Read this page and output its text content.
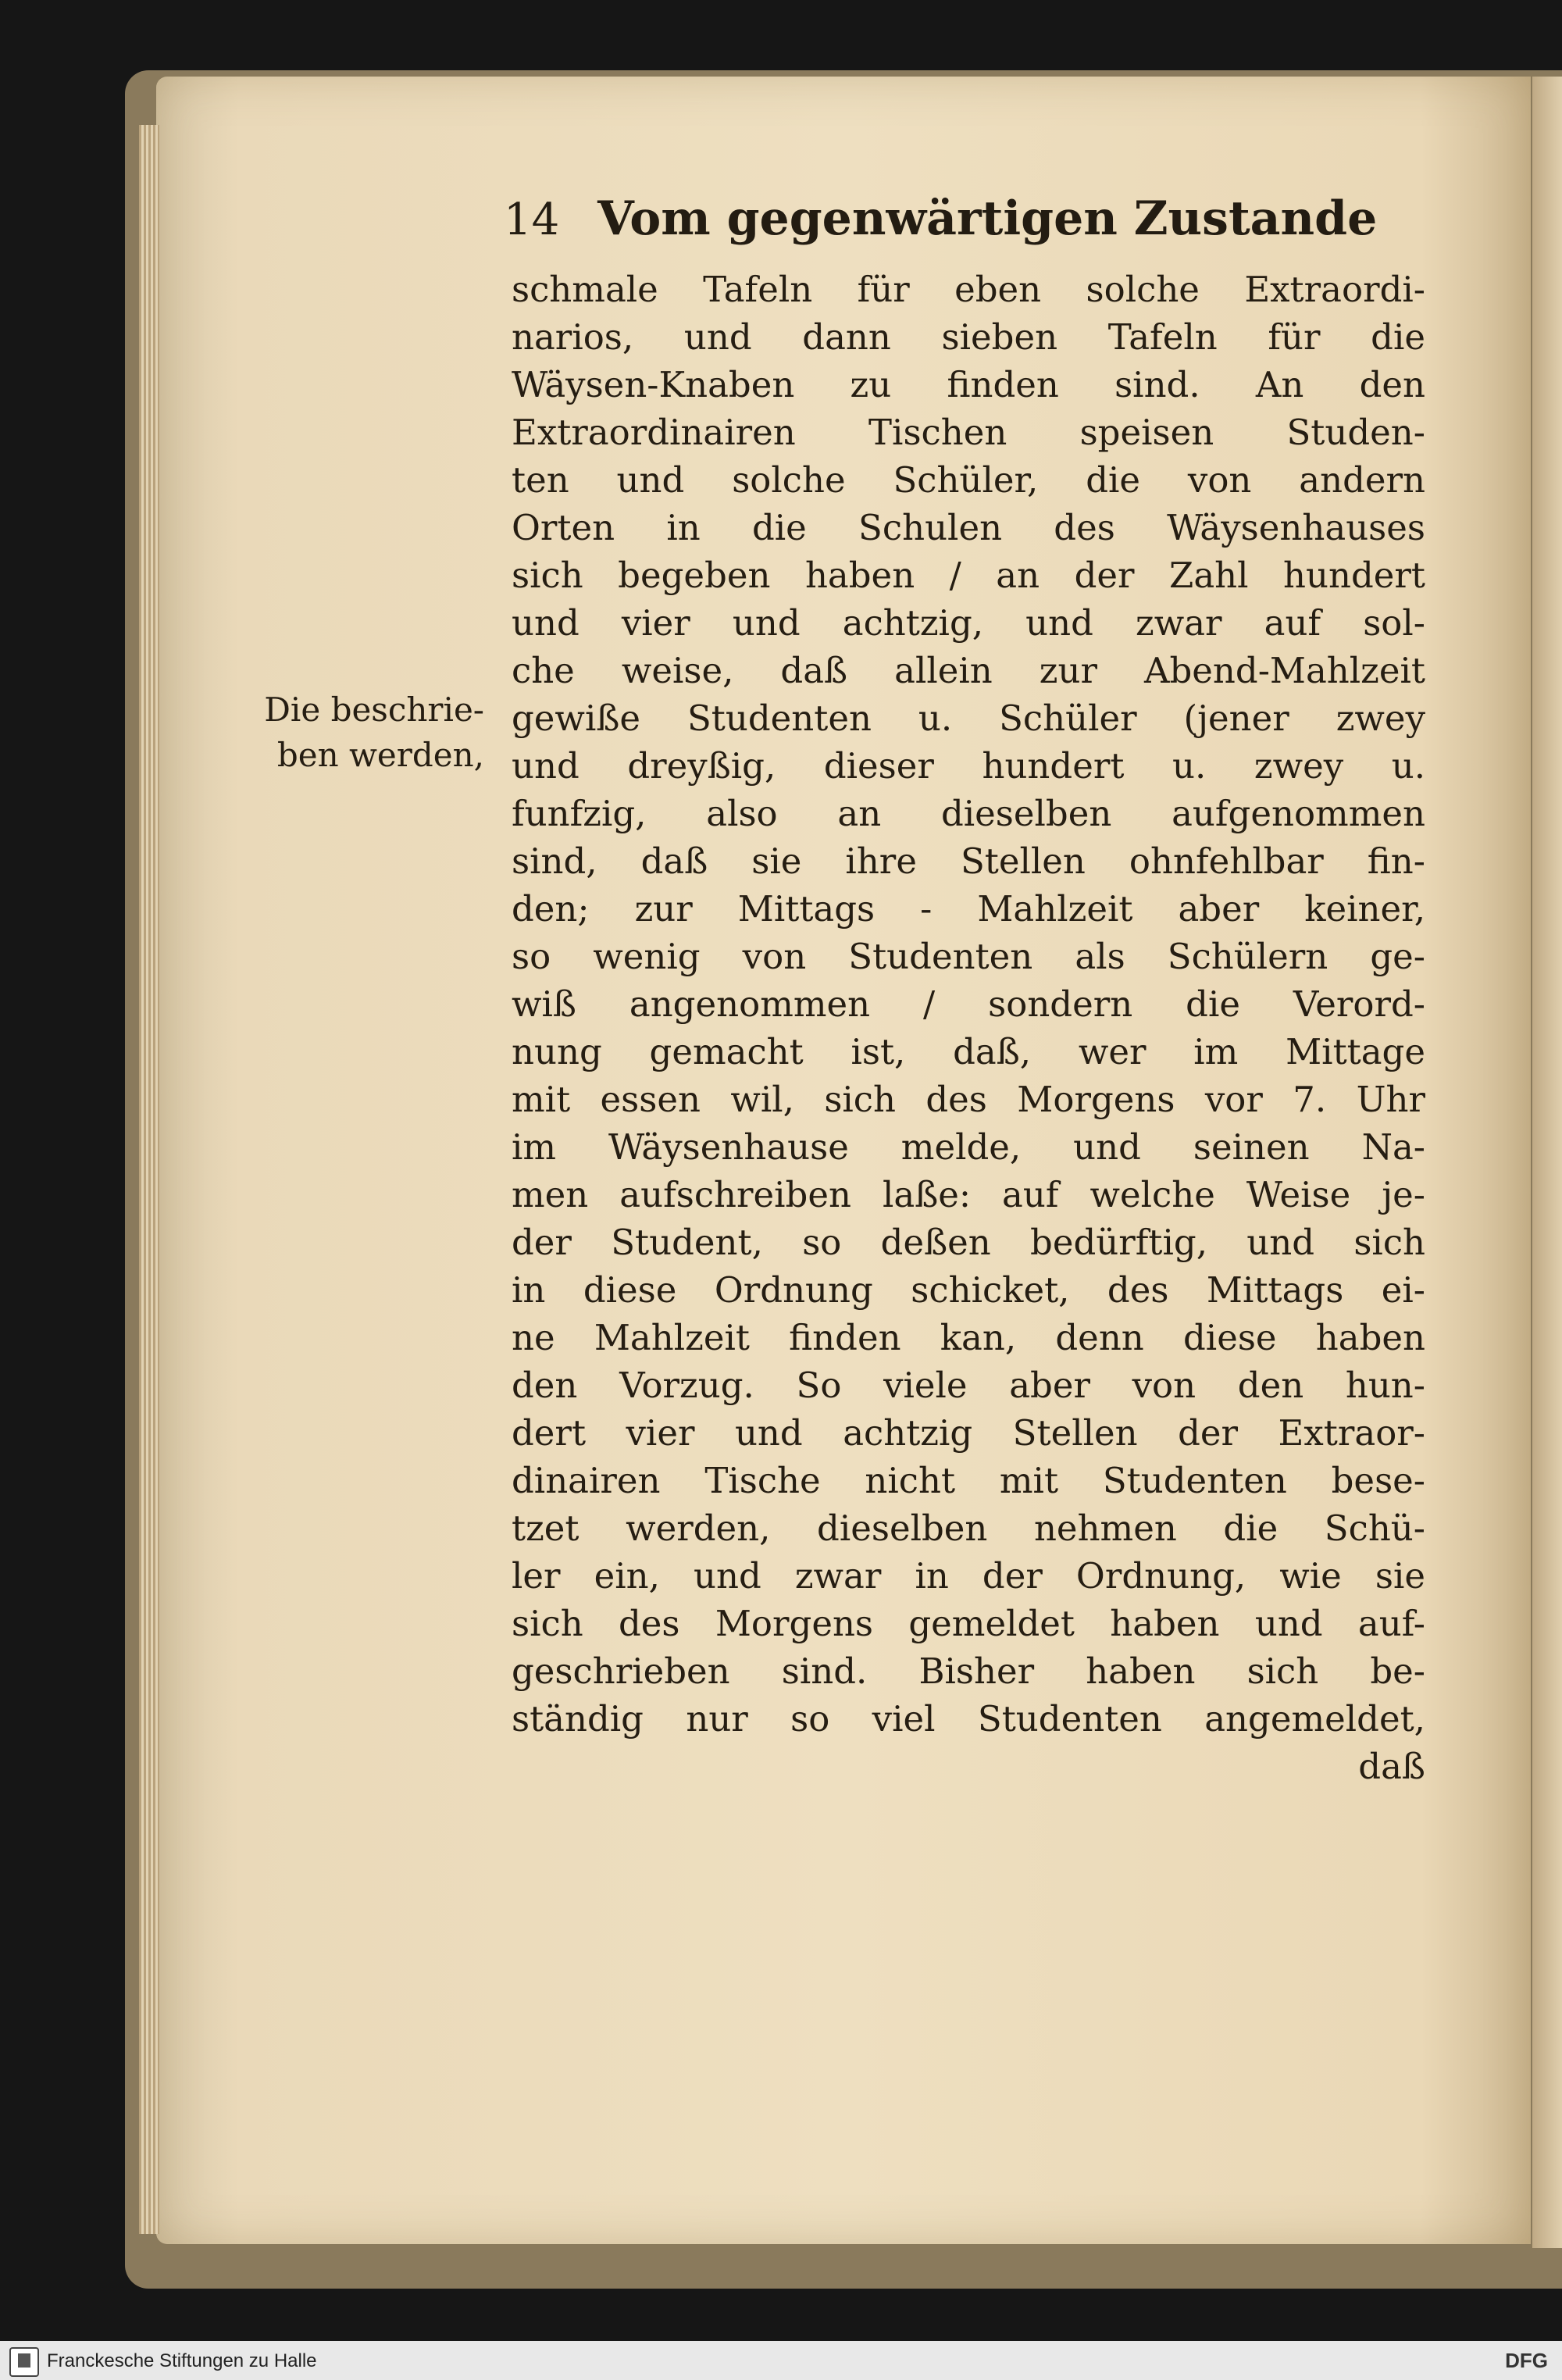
14 Vom gegenwärtigen Zustande
Die beschrie-
ben werden,
schmale Tafeln für eben solche Extraordi-
narios, und dann sieben Tafeln für die
Wäysen-Knaben zu finden sind. An den
Extraordinairen Tischen speisen Studen-
ten und solche Schüler, die von andern
Orten in die Schulen des Wäysenhauses
sich begeben haben / an der Zahl hundert
und vier und achtzig, und zwar auf sol-
che weise, daß allein zur Abend-Mahlzeit
gewiße Studenten u. Schüler (jener zwey
und dreyßig, dieser hundert u. zwey u.
funfzig, also an dieselben aufgenommen
sind, daß sie ihre Stellen ohnfehlbar fin-
den; zur Mittags - Mahlzeit aber keiner,
so wenig von Studenten als Schülern ge-
wiß angenommen / sondern die Verord-
nung gemacht ist, daß, wer im Mittage
mit essen wil, sich des Morgens vor 7. Uhr
im Wäysenhause melde, und seinen Na-
men aufschreiben laße: auf welche Weise je-
der Student, so deßen bedürftig, und sich
in diese Ordnung schicket, des Mittags ei-
ne Mahlzeit finden kan, denn diese haben
den Vorzug. So viele aber von den hun-
dert vier und achtzig Stellen der Extraor-
dinairen Tische nicht mit Studenten bese-
tzet werden, dieselben nehmen die Schü-
ler ein, und zwar in der Ordnung, wie sie
sich des Morgens gemeldet haben und auf-
geschrieben sind. Bisher haben sich be-
ständig nur so viel Studenten angemeldet,
daß
Franckesche Stiftungen zu Halle	DFG
